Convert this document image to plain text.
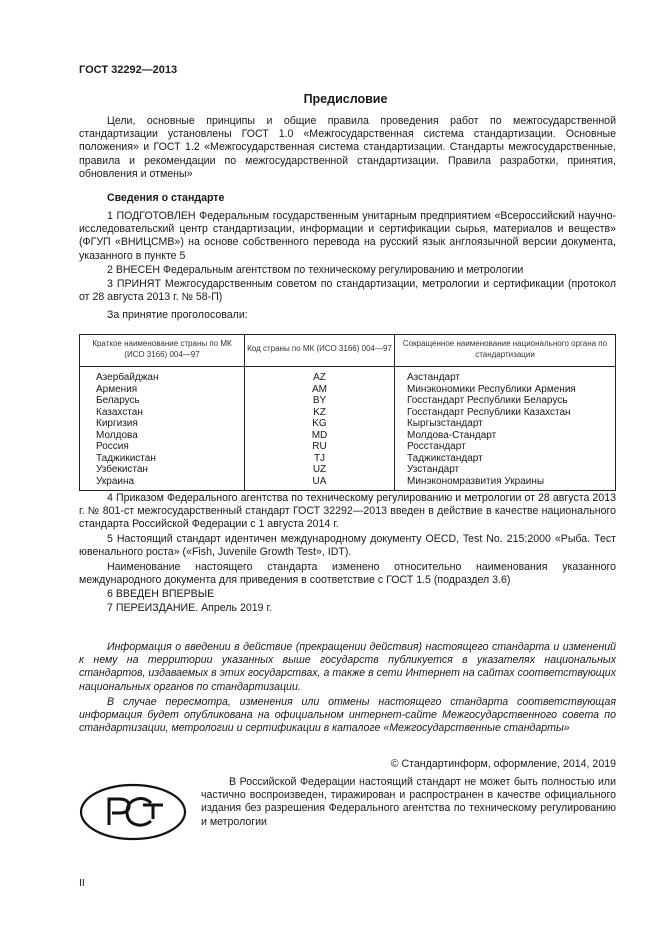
ГОСТ 32292—2013
Предисловие
Цели, основные принципы и общие правила проведения работ по межгосударственной стандартизации установлены ГОСТ 1.0 «Межгосударственная система стандартизации. Основные положения» и ГОСТ 1.2 «Межгосударственная система стандартизации. Стандарты межгосударственные, правила и рекомендации по межгосударственной стандартизации. Правила разработки, принятия, обновления и отмены»
Сведения о стандарте
1 ПОДГОТОВЛЕН Федеральным государственным унитарным предприятием «Всероссийский научно-исследовательский центр стандартизации, информации и сертификации сырья, материалов и веществ» (ФГУП «ВНИЦСМВ») на основе собственного перевода на русский язык англоязычной версии документа, указанного в пункте 5
2 ВНЕСЕН Федеральным агентством по техническому регулированию и метрологии
3 ПРИНЯТ Межгосударственным советом по стандартизации, метрологии и сертификации (протокол от 28 августа 2013 г. № 58-П)
За принятие проголосовали:
Краткое наименование страны по МК (ИСО 3166) 004—97	Код страны по МК (ИСО 3166) 004—97	Сокращенное наименование национального органа по стандартизации
Азербайджан	AZ	Азстандарт
Армения	AM	Минэкономики Республики Армения
Беларусь	BY	Госстандарт Республики Беларусь
Казахстан	KZ	Госстандарт Республики Казахстан
Киргизия	KG	Кыргызстандарт
Молдова	MD	Молдова-Стандарт
Россия	RU	Росстандарт
Таджикистан	TJ	Таджикстандарт
Узбекистан	UZ	Узстандарт
Украина	UA	Минэкономразвития Украины
4 Приказом Федерального агентства по техническому регулированию и метрологии от 28 августа 2013 г. № 801-ст межгосударственный стандарт ГОСТ 32292—2013 введен в действие в качестве национального стандарта Российской Федерации с 1 августа 2014 г.
5 Настоящий стандарт идентичен международному документу OECD, Test No. 215:2000 «Рыба. Тест ювенального роста» («Fish, Juvenile Growth Test», IDT).
Наименование настоящего стандарта изменено относительно наименования указанного международного документа для приведения в соответствие с ГОСТ 1.5 (подраздел 3.6)
6 ВВЕДЕН ВПЕРВЫЕ
7 ПЕРЕИЗДАНИЕ. Апрель 2019 г.
Информация о введении в действие (прекращении действия) настоящего стандарта и изменений к нему на территории указанных выше государств публикуется в указателях национальных стандартов, издаваемых в этих государствах, а также в сети Интернет на сайтах соответствующих национальных органов по стандартизации.
В случае пересмотра, изменения или отмены настоящего стандарта соответствующая информация будет опубликована на официальном интернет-сайте Межгосударственного совета по стандартизации, метрологии и сертификации в каталоге «Межгосударственные стандарты»
© Стандартинформ, оформление, 2014, 2019
В Российской Федерации настоящий стандарт не может быть полностью или частично воспроизведен, тиражирован и распространен в качестве официального издания без разрешения Федерального агентства по техническому регулированию и метрологии
II
